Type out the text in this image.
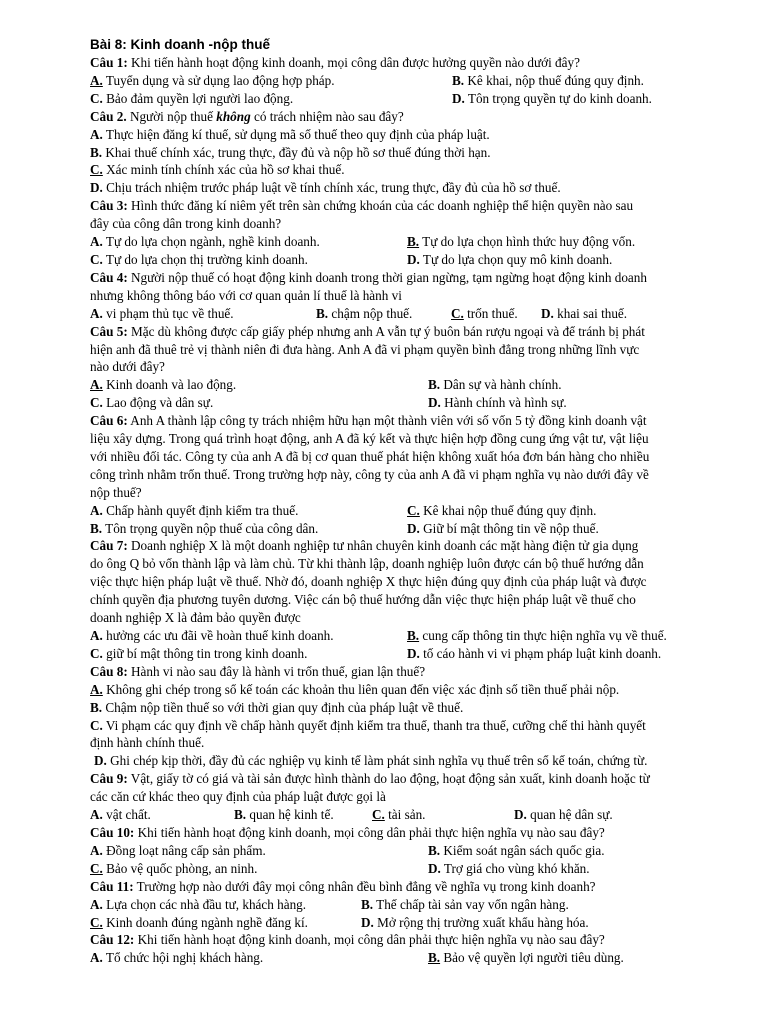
Bài 8: Kinh doanh -nộp thuế
Câu 1: Khi tiến hành hoạt động kinh doanh, mọi công dân được hưởng quyền nào dưới đây?
A. Tuyển dụng và sử dụng lao động hợp pháp.	B. Kê khai, nộp thuế đúng quy định.
C. Bảo đảm quyền lợi người lao động.	D. Tôn trọng quyền tự do kinh doanh.
Câu 2. Người nộp thuế không có trách nhiệm nào sau đây?
A. Thực hiện đăng kí thuế, sử dụng mã số thuế theo quy định của pháp luật.
B. Khai thuế chính xác, trung thực, đầy đủ và nộp hồ sơ thuế đúng thời hạn.
C. Xác minh tính chính xác của hồ sơ khai thuế.
D. Chịu trách nhiệm trước pháp luật về tính chính xác, trung thực, đầy đủ của hồ sơ thuế.
Câu 3: Hình thức đăng kí niêm yết trên sàn chứng khoán của các doanh nghiệp thể hiện quyền nào sau
đây của công dân trong kinh doanh?
A. Tự do lựa chọn ngành, nghề kinh doanh.	B. Tự do lựa chọn hình thức huy động vốn.
C. Tự do lựa chọn thị trường kinh doanh.	D. Tự do lựa chọn quy mô kinh doanh.
Câu 4: Người nộp thuế có hoạt động kinh doanh trong thời gian ngừng, tạm ngừng hoạt động kinh doanh
nhưng không thông báo với cơ quan quản lí thuế là hành vi
A. vi phạm thủ tục về thuế.	B. chậm nộp thuế.	C. trốn thuế.	D. khai sai thuế.
Câu 5: Mặc dù không được cấp giấy phép nhưng anh A vẫn tự ý buôn bán rượu ngoại và để tránh bị phát
hiện anh đã thuê trẻ vị thành niên đi đưa hàng. Anh A đã vi phạm quyền bình đẳng trong những lĩnh vực
nào dưới đây?
A. Kinh doanh và lao động.	B. Dân sự và hành chính.
C. Lao động và dân sự.	D. Hành chính và hình sự.
Câu 6: Anh A thành lập công ty trách nhiệm hữu hạn một thành viên với số vốn 5 tỷ đồng kinh doanh vật
liệu xây dựng. Trong quá trình hoạt động, anh A đã ký kết và thực hiện hợp đồng cung ứng vật tư, vật liệu
với nhiều đối tác. Công ty của anh A đã bị cơ quan thuế phát hiện không xuất hóa đơn bán hàng cho nhiều
công trình nhằm trốn thuế. Trong trường hợp này, công ty của anh A đã vi phạm nghĩa vụ nào dưới đây về
nộp thuế?
A. Chấp hành quyết định kiểm tra thuế.	C. Kê khai nộp thuế đúng quy định.
B. Tôn trọng quyền nộp thuế của công dân.	D. Giữ bí mật thông tin về nộp thuế.
Câu 7: Doanh nghiệp X là một doanh nghiệp tư nhân chuyên kinh doanh các mặt hàng điện tử gia dụng
do ông Q bỏ vốn thành lập và làm chủ. Từ khi thành lập, doanh nghiệp luôn được cán bộ thuế hướng dẫn
việc thực hiện pháp luật về thuế. Nhờ đó, doanh nghiệp X thực hiện đúng quy định của pháp luật và được
chính quyền địa phương tuyên dương. Việc cán bộ thuế hướng dẫn việc thực hiện pháp luật về thuế cho
doanh nghiệp X là đảm bảo quyền được
A. hưởng các ưu đãi về hoàn thuế kinh doanh.	B. cung cấp thông tin thực hiện nghĩa vụ về thuế.
C. giữ bí mật thông tin trong kinh doanh.	D. tố cáo hành vi vi phạm pháp luật kinh doanh.
Câu 8: Hành vi nào sau đây là hành vi trốn thuế, gian lận thuế?
A. Không ghi chép trong sổ kế toán các khoản thu liên quan đến việc xác định số tiền thuế phải nộp.
B. Chậm nộp tiền thuế so với thời gian quy định của pháp luật về thuế.
C. Vi phạm các quy định về chấp hành quyết định kiểm tra thuế, thanh tra thuế, cưỡng chế thi hành quyết
định hành chính thuế.
D. Ghi chép kịp thời, đầy đủ các nghiệp vụ kinh tế làm phát sinh nghĩa vụ thuế trên sổ kế toán, chứng từ.
Câu 9: Vật, giấy tờ có giá và tài sản được hình thành do lao động, hoạt động sản xuất, kinh doanh hoặc từ
các căn cứ khác theo quy định của pháp luật được gọi là
A. vật chất.	B. quan hệ kinh tế.	C. tài sản.	D. quan hệ dân sự.
Câu 10: Khi tiến hành hoạt động kinh doanh, mọi công dân phải thực hiện nghĩa vụ nào sau đây?
A. Đồng loạt nâng cấp sản phẩm.	B. Kiểm soát ngân sách quốc gia.
C. Bảo vệ quốc phòng, an ninh.	D. Trợ giá cho vùng khó khăn.
Câu 11: Trường hợp nào dưới đây mọi công nhân đều bình đẳng về nghĩa vụ trong kinh doanh?
A. Lựa chọn các nhà đầu tư, khách hàng.	B. Thế chấp tài sản vay vốn ngân hàng.
C. Kinh doanh đúng ngành nghề đăng kí.	D. Mở rộng thị trường xuất khẩu hàng hóa.
Câu 12: Khi tiến hành hoạt động kinh doanh, mọi công dân phải thực hiện nghĩa vụ nào sau đây?
A. Tổ chức hội nghị khách hàng.	B. Bảo vệ quyền lợi người tiêu dùng.
